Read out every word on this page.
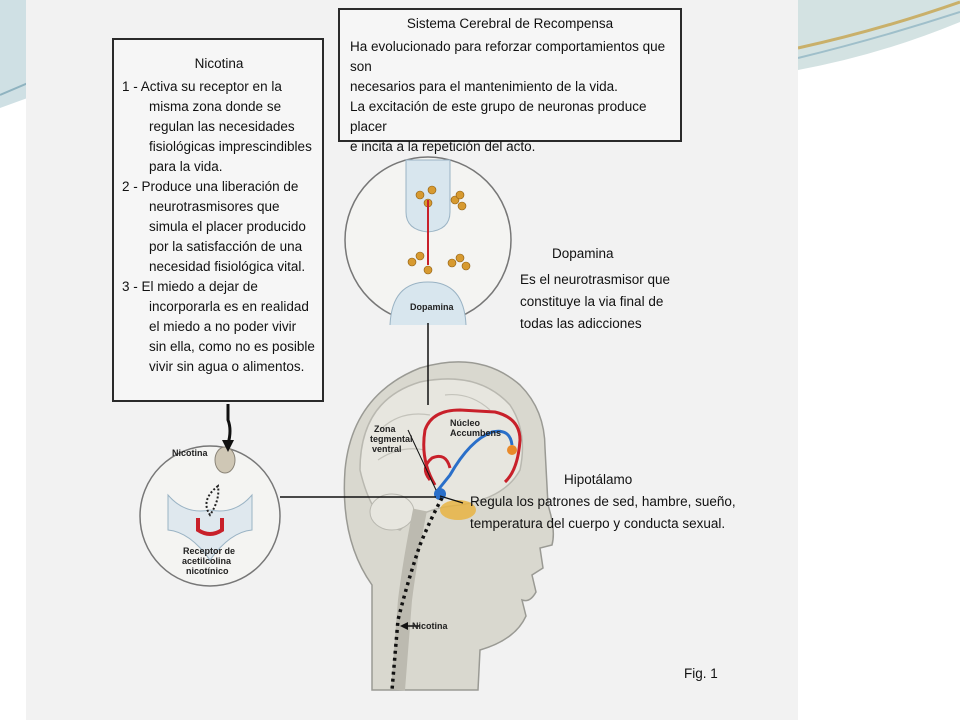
Sistema Cerebral de Recompensa

Ha evolucionado para reforzar comportamientos que son

necesarios para el mantenimiento de la vida.

La excitación de este grupo de neuronas produce placer

e incita a la repetición del acto.

Nicotina

1 - Activa su receptor en la misma zona donde se regulan las necesidades fisiológicas imprescindibles para la vida.
2 - Produce una liberación de neurotrasmisores que simula el placer producido por la satisfacción de una necesidad fisiológica vital.
3 - El miedo a dejar de incorporarla es en realidad el miedo a no poder vivir sin ella, como no es posible vivir sin agua o alimentos.
Dopamina
Es el neurotrasmisor que
constituye la via final de
todas las adicciones
Dopamina
Hipotálamo
Regula los patrones de sed, hambre, sueño,
temperatura del cuerpo y conducta sexual.
Nicotina
Receptor de
acetilcolina
nicotínico
Zona
tegmental
ventral
Núcleo
Accumbens
Nicotina
Fig. 1
